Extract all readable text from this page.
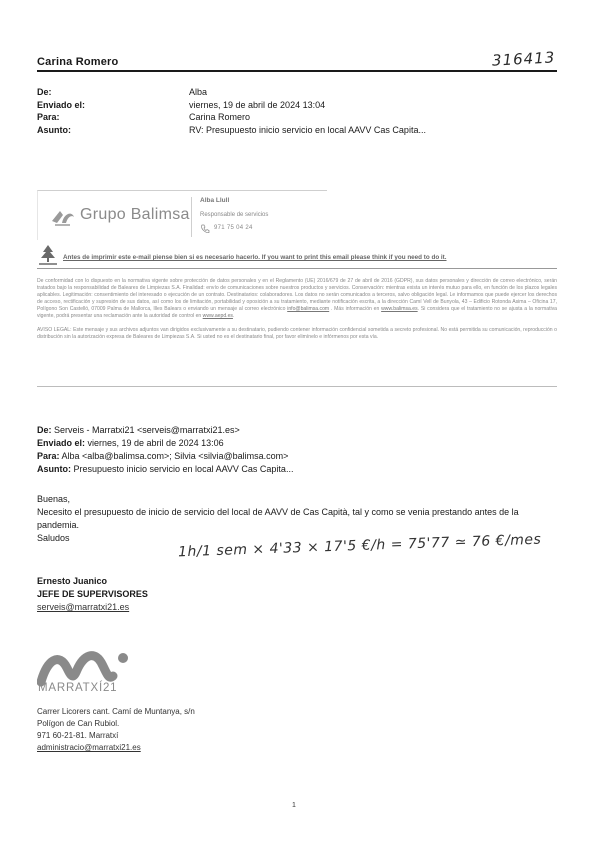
Carina Romero	316413
De:	Alba
Enviado el:	viernes, 19 de abril de 2024 13:04
Para:	Carina Romero
Asunto:	RV: Presupuesto inicio servicio en local AAVV Cas Capita...
Grupo Balimsa
Alba Llull
Responsable de servicios
971 75 04 24
Antes de imprimir este e-mail piense bien si es necesario hacerlo. If you want to print this email please think if you need to do it.

De conformidad con lo dispuesto en la normativa vigente sobre protección de datos personales y en el Reglamento (UE) 2016/679 de 27 de abril de 2016 (GDPR), sus datos personales y dirección de correo electrónico, serán tratados bajo la responsabilidad de Baleares de Limpiezas S.A. Finalidad: envío de comunicaciones sobre nuestros productos y servicios. Conservación: mientras exista un interés mutuo para ello, en función de los plazos legales aplicables. Legitimación: consentimiento del interesado o ejecución de un contrato. Destinatarios: colaboradores. Los datos no serán comunicados a terceros, salvo obligación legal. Le informamos que puede ejercer los derechos de acceso, rectificación y supresión de sus datos, así como los de limitación, portabilidad y oposición a su tratamiento, mediante notificación escrita, a la dirección Camí Vell de Bunyola, 43 – Edificio Rotonda Asima – Oficina 17, Polígono Son Castelló, 07009 Palma de Mallorca, Illes Balears o enviando un mensaje al correo electrónico info@balimsa.com . Más información en www.balimsa.es. Si considera que el tratamiento no se ajusta a la normativa vigente, podrá presentar una reclamación ante la autoridad de control en www.aepd.es.

AVISO LEGAL: Este mensaje y sus archivos adjuntos van dirigidos exclusivamente a su destinatario, pudiendo contener información confidencial sometida a secreto profesional. No está permitida su comunicación, reproducción o distribución sin la autorización expresa de Baleares de Limpiezas S.A. Si usted no es el destinatario final, por favor elimínelo e infórmenos por esta vía.

De: Serveis - Marratxi21 <serveis@marratxi21.es>
Enviado el: viernes, 19 de abril de 2024 13:06
Para: Alba <alba@balimsa.com>; Silvia <silvia@balimsa.com>
Asunto: Presupuesto inicio servicio en local AAVV Cas Capita...
Buenas,
Necesito el presupuesto de inicio de servicio del local de AAVV de Cas Capità, tal y como se venia prestando antes de la pandemia.
Saludos	1h/1 sem × 4'33 × 17'5 €/h = 75'77 ≃ 76 €/mes
Ernesto Juanico
JEFE DE SUPERVISORES
serveis@marratxi21.es
MARRATXÍ21
Carrer Licorers cant. Camí de Muntanya, s/n
Polígon de Can Rubiol.
971 60-21-81. Marratxí
administracio@marratxi21.es
1
